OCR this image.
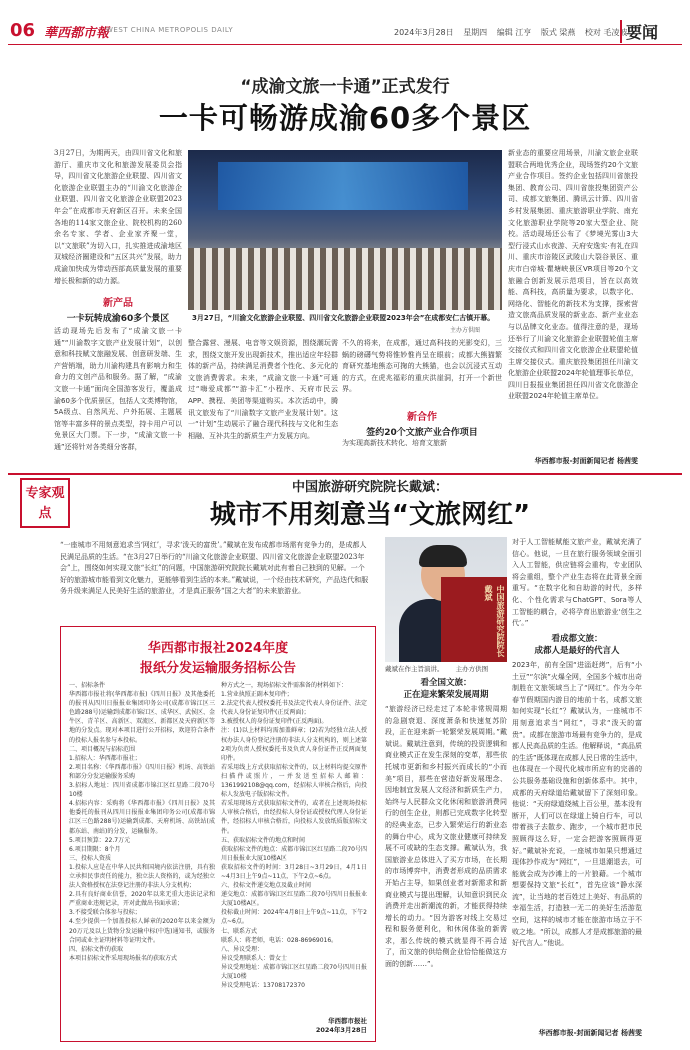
06 華西都市報
WEST CHINA METROPOLIS DAILY	2024年3月28日 星期四 编辑 江亨 版式 梁燕 校对 毛凌波
要闻
“成渝文旅一卡通”正式发行
一卡可畅游成渝60多个景区
3月27日，为期两天，由四川省文化和旅游厅、重庆市文化和旅游发展委员会指导，四川省文化旅游企业联盟、四川省文化旅游企业联盟主办的“川渝文化旅游企业联盟、四川省文化旅游企业联盟2023年会”在成都市天府新区召开。未来全国各地的114家文旅企业、院校机构的260余名专家、学者、企业家齐聚一堂，以“文旅联”为切入口，扎实推进成渝地区双城经济圈建设和“五区共兴”发展，助力成渝加快成为带动西部高质量发展的重要增长极和新的动力源。
新产品
一卡玩转成渝60多个景区
活动现场先后发布了“成渝文旅一卡通”“川渝数字文旅产业发展计划”，以创意和科技赋文旅融发展、创意研发端、生产营销端，助力川渝构建具有影响力和生命力的文创产品和服务。据了解，“成渝文旅一卡通”面向全国游客发行，覆盖成渝60多个优质景区，包括人文类博物馆，5A级点、自然风光、户外拓展、主题展馆等丰富多样的景点类型，持卡用户可以免景区大门票。下一步，“成渝文旅一卡通”还将针对各类细分客群，
3月27日，“川渝文化旅游企业联盟、四川省文化旅游企业联盟2023年会”在成都安仁古镇开幕。
主办方供图
整合露营、漫展、电音等文娱资源，围绕潮玩需求，围绕文旅开发出现新技术，推出适应年轻群体的新产品，持续满足消费者个性化、多元化的文旅消费需求。未来，“成渝文旅一卡通”可通过“嗨爱成都”“游卡汇”小程序、天府市民云APP、携程、美团等渠道购买。本次活动中，腾讯文旅发布了“川渝数字文旅产业发展计划”。这一“计划”生动展示了融合现代科技与文化和生态相融、互补共生的新质生产力发展方向。
不久的将来，在成都，通过高科技的光影变幻，三蜗的磅礴气势将惟妙惟肖呈在眼前；成都大熊猫繁育研究基地熊态可掬的大熊猫，也会以沉浸式互动的方式，在虎兆福彩的重庆洪崖洞，打开一个新世界。
新合作
签约20个文旅产业合作项目
为实现高新技术转化、培育文旅新
新业态的重要应用场景，川渝文旅企业联盟联合两地优秀企业，现场签约20个文旅产业合作项目。签约企业包括四川省旅投集团、教育公司、四川省旅投集团资产公司、成都文旅集团、腾讯云计算、四川省乡村发展集团、重庆旅游职业学院、南充文化旅游职业学院等20家大型企业、院校。活动现场还公布了《梦境光雾山3大型行浸式山水夜游、天府安逸实·有礼在四川、重庆市涪陵区武陵山大裂谷景区、重庆市白帝城·瞿塘峡景区VR项目等20个文旅融合创新发展示范项目，旨在以高效能、高科技，高质量为要求，以数字化、网络化、智能化的新技术为支撑，探索营造文旅高品质发展的新业态、新产业业态与以品牌文化业态。值得注意的是，现场还举行了川渝文化旅游企业联盟轮值主席交接仪式和四川省文化旅游企业联盟轮值主席交接仪式。重庆旅投集团担任川渝文化旅游企业联盟2024年轮值理事长单位，四川日报报业集团担任四川省文化旅游企业联盟2024年轮值主席单位。
华西都市报-封面新闻记者 杨茜雯
专家观点
中国旅游研究院院长戴斌：
城市不用刻意当“文旅网红”
“一座城市不用刻意追求当‘网红’，寻求‘泼天的富贵’。”戴斌在发布成都市场需有竞争力的，是成都人民满足品质的生活。“在3月27日举行的“川渝文化旅游企业联盟、四川省文化旅游企业联盟2023年会”上，围绕如何实现文旅“长红”的问题，中国旅游研究院院长戴斌对此有着自己独到的见解。一个好的旅游城市能看到文化魅力，更能够看到生活的本来。”戴斌说，一个经由技术研究，产品迭代和服务升级来满足人民美好生活的旅游业，才是真正服务“国之大者”的未来旅游业。	中国旅游研究院院长戴斌
戴斌在作主旨演讲。 主办方供图
看全国文旅：
正在迎来繁荣发展周期
“旅游经济已经走过了本轮非常规周期的急剧衰退、深度萧条和快速复苏阶段，正在迎来新一轮繁荣发展周期。”戴斌说。戴斌注意到，传统的投资逻辑和商业模式正在发生深刻的变革，那些依托城市更新和乡村振兴而成长的“小而美”项目，那些在营造好新发展理念、因地制宜发展人文经济和新质生产力，始终与人民群众文化休闲和旅游消费同行的创生企业，则都已完成数字化转型的经典业态，已步入繁荣运行的新业态的舞台中心，成为文旅业健康可持续发展不可或缺的生态支撑。戴斌认为，我国旅游业总体进入了买方市场，在长期的市场博弈中，消费者形成的品质需求开始占主导，如果创业者对新需求和新商业模式与提出理解，认知意识到民众消费并走出新潮流的新，才能获得持续增长的动力。“因为游客对线上交易过程和服务便利化，和休闲体验的新需求，那么传统的模式就显得不再合适了，而文旅的供给侧企业恰恰能做这方面的创新……”。
对于人工智能赋能文旅产业，戴斌充满了信心。他说，一旦在旅行服务领域全面引入人工智能，供应链将会重构，专业团队将会重组，整个产业生态将在此背景全面重写。“在数字化和自助游的时代，多样化、个性化需求与ChatGPT、Sora等人工智能的耦合，必将孕育出旅游业‘创生之代’。”
看成都文旅：
成都人是最好的代言人
2023年，前有全国“进淄赶烤”，后有“小土豆”“尔滨”火爆全网，全国多个城市出奇制胜在文旅领域当上了“网红”。作为今年春节假期国内游目的地前十名，成都文旅如何实现“长红”？戴斌认为，一座城市不用刻意追求当“网红”，寻求“泼天的富贵”。成都在旅游市场最有竞争力的，是成都人民高品质的生活。他解释说，“高品质的生活”既体现在成都人民日常的生活中，也体现在一个现代化城市所应有的完善的公共服务基础设施和创新体系中。其中，成都的天府绿道给戴斌留下了深刻印象。他说：“天府绿道绕城上百公里，基本没有断开，人们可以在绿道上骑自行车，可以带着孩子去散步、跑步，一个城市把市民照顾得这么好，一定会把游客照顾得更好。”戴斌补充说，一座城市如果只想通过现体抄作成为“网红”，一旦退潮退去，可能就会成为沙滩上的一片狼藉。一个城市想要保持文旅“长红”，首先应该“静水深流”，让当地的老百姓过上美好、有品质的幸福生活，打造独一无二的美好生活游览空间，这样的城市才能在旅游市场立于不败之地。“所以，成都人才是成都旅游的最好代言人。”他说。
华西都市报-封面新闻记者 杨茜雯
华西都市报社2024年度
报纸分发运输服务招标公告
一、招标条件
华西都市报社将(华西都市报)《四川日报》及其他委托的报刊从四川日报报业集团印务公司(成都市锦江区三色路288号)运输到成都市锦江区、成华区、武侯区、金牛区、青羊区、高新区、双流区、新都区及天府新区等地的分发点。现对本项目进行公开招标，欢迎符合条件的投标人报名参与本投标。
二、项目概况与招标范围
1.招标人：华西都市报社；
2.项目名称：《华西都市报》《四川日报》机场、高铁站和部分分发运输服务采购
3.招标人地址：四川省成都市锦江区红星路二段70号10楼
4.招标内容：采购将《华西都市报》《四川日报》及其他委托的报刊从四川日报报业集团印务公司(成都市锦江区三色路288号)运输到成都、天府机场、高铁站(成都东站、南站)的分发，运输服务。
5.项目预算：22.7万元
6.项目期限：8个月
三、投标人资质
1.投标人应是在中华人民共和国境内依法注册，具有独立承担民事责任的能力，独立法人资格的，或为经独立法人资格授权在法登记注册的非法人分支机构；
2.具有良好商业信誉，2020年以来无重大违法记录和严重商业违规记录，开对此做出书面承诺；
3.不接受联合体参与投标；
4.至少提供一个加盖投标人鲜章的2020年以来金额为20万元及以上货物分发运输中标(中选)通知书，或服务合同或业主证明材料等证明文件。
四、招标文件的获取
本项目招标文件采用现场报名的获取方式
种方式之一，现场招标文件需准备的材料如下：
1.营业执照正副本复印件；
2.法定代表人授权委托书及法定代表人身份证件、法定代表人身份证复印件(正反两面)；
3.被授权人的身份证复印件(正反两面)。
注：(1)以上材料均需加盖鲜章；(2)若为经独立法人授权办法人身份登记注册的非法人分支机构的，则上述第2项为负责人授权委托书及负责人身份证件正反两面复印件。
若采用线上方式获取招标文件的，以上材料均提交原件扫描件或照片，一并发送至招标人邮箱：1361992108@qq.com，经招标人审核合格后，向投标人发放电子版招标文件。
若采用现场方式获取招标文件的，或者在上述现场投标人审核合格后，由经投标人身份证或授权代理人身份证件，经招标人审核合格后，向投标人发放纸质版招标文件。
五、获取招标文件的地点和时间
获取招标文件的地点：成都市锦江区红星路二段70号四川日报报业大厦10楼A区
获取招标文件的时间：3月28日~3月29日，4月1日~4月3日上午9点~11点，下午2点~6点。
六、投标文件递交地点及截止时间
递交地点：成都市锦江区红星路二段70号四川日报报业大厦10楼A区。
投标截止时间：2024年4月8日上午9点~11点，下午2点~6点。
七、联系方式
联系人：蒋老师，电话：028-86969016。
八、异议受理：
异议受理联系人：曾女士
异议受理地址：成都市锦江区红星路二段70号四川日报大厦10楼
异议受理电话：13708172370
华西都市报社
2024年3月28日
